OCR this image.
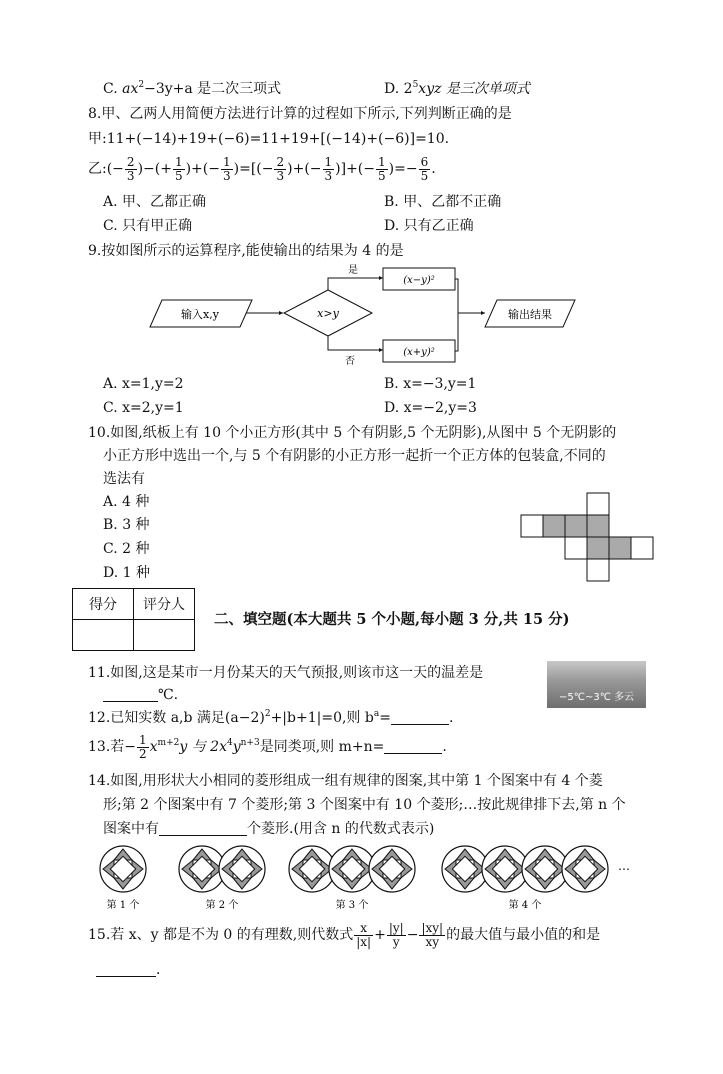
C. $ax^2-3y+a$ 是二次三项式	D. $2^5xyz$ 是三次单项式
8.甲、乙两人用简便方法进行计算的过程如下所示,下列判断正确的是
甲:11+(−14)+19+(−6)=11+19+[(−14)+(−6)]=10.
乙:(− $\frac{2}{3}$ )−(+ $\frac{1}{5}$ )+(− $\frac{1}{3}$ )=[(− $\frac{2}{3}$ )+(− $\frac{1}{3}$ )]+(− $\frac{1}{5}$ )=− $\frac{6}{5}$ .
A. 甲、乙都正确	B. 甲、乙都不正确
C. 只有甲正确	D. 只有乙正确
9.按如图所示的运算程序,能使输出的结果为 4 的是
输入x,y	x>y
是
否
(x−y)²
(x+y)²
输出结果
A. x=1,y=2	B. x=−3,y=1
C. x=2,y=1	D. x=−2,y=3
10.如图,纸板上有 10 个小正方形(其中 5 个有阴影,5 个无阴影),从图中 5 个无阴影的
小正方形中选出一个,与 5 个有阴影的小正方形一起折一个正方体的包装盒,不同的
选法有
A. 4 种
B. 3 种
C. 2 种
D. 1 种
得分	评分人

二、填空题(本大题共 5 个小题,每小题 3 分,共 15 分)
11.如图,这是某市一月份某天的天气预报,则该市这一天的温差是
℃.	−5℃~3℃ 多云
12.已知实数 a,b 满足$(a-2)^2+|b+1|=0$,则 $b^a=$	.
13.若− $\frac{1}{2} x^{m+2}y$ 与 $2x^4y^{n+3}$是同类项,则 m+n=	.
14.如图,用形状大小相同的菱形组成一组有规律的图案,其中第 1 个图案中有 4 个菱
形;第 2 个图案中有 7 个菱形;第 3 个图案中有 10 个菱形;…按此规律排下去,第 n 个
图案中有	个菱形.(用含 n 的代数式表示)
第 1 个	第 2 个	第 3 个	第 4 个
…
15.若 x、y 都是不为 0 的有理数,则代数式 $\frac{x}{|x|} + \frac{|y|}{y} - \frac{|xy|}{xy}$ 的最大值与最小值的和是
.
